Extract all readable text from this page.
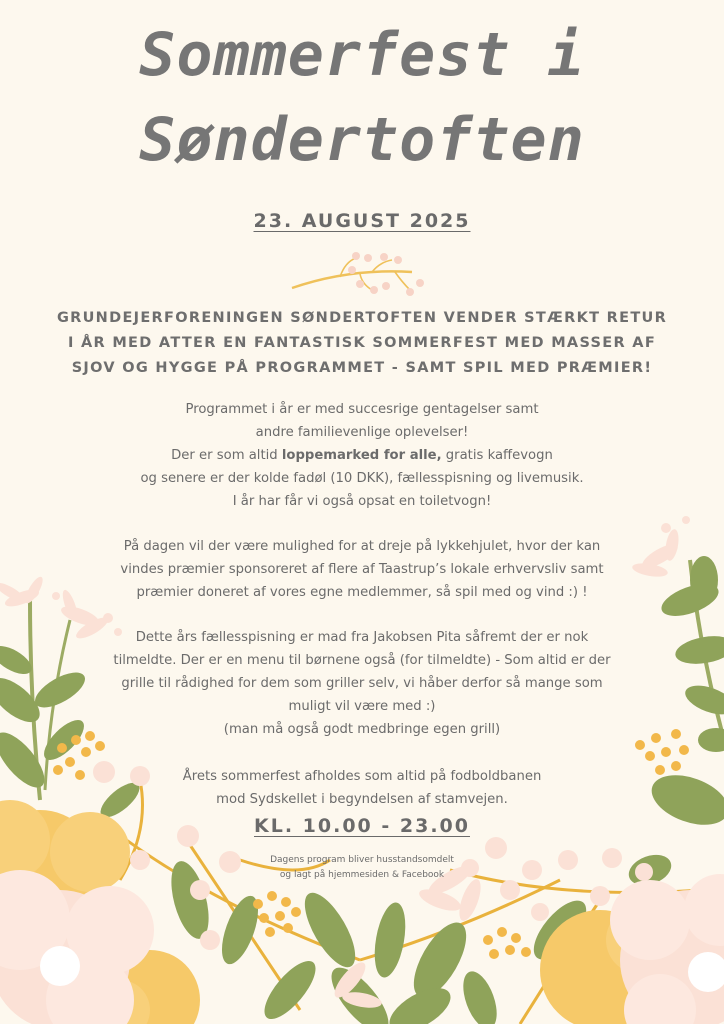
Sommerfest i
Søndertoften
23. AUGUST 2025
GRUNDEJERFORENINGEN SØNDERTOFTEN VENDER STÆRKT RETUR I ÅR MED ATTER EN FANTASTISK SOMMERFEST MED MASSER AF SJOV OG HYGGE PÅ PROGRAMMET - SAMT SPIL MED PRÆMIER!

Programmet i år er med succesrige gentagelser samt

andre familievenlige oplevelser!

Der er som altid loppemarked for alle, gratis kaffevogn

og senere er der kolde fadøl (10 DKK), fællesspisning og livemusik.

I år har får vi også opsat en toiletvogn!

På dagen vil der være mulighed for at dreje på lykkehjulet, hvor der kan

vindes præmier sponsoreret af flere af Taastrup’s lokale erhvervsliv samt

præmier doneret af vores egne medlemmer, så spil med og vind :) !

Dette års fællesspisning er mad fra Jakobsen Pita såfremt der er nok

tilmeldte. Der er en menu til børnene også (for tilmeldte) - Som altid er der

grille til rådighed for dem som griller selv, vi håber derfor så mange som

muligt vil være med :)

(man må også godt medbringe egen grill)

Årets sommerfest afholdes som altid på fodboldbanen

mod Sydskellet i begyndelsen af stamvejen.

KL. 10.00 - 23.00
Dagens program bliver husstandsomdelt
og lagt på hjemmesiden & Facebook
